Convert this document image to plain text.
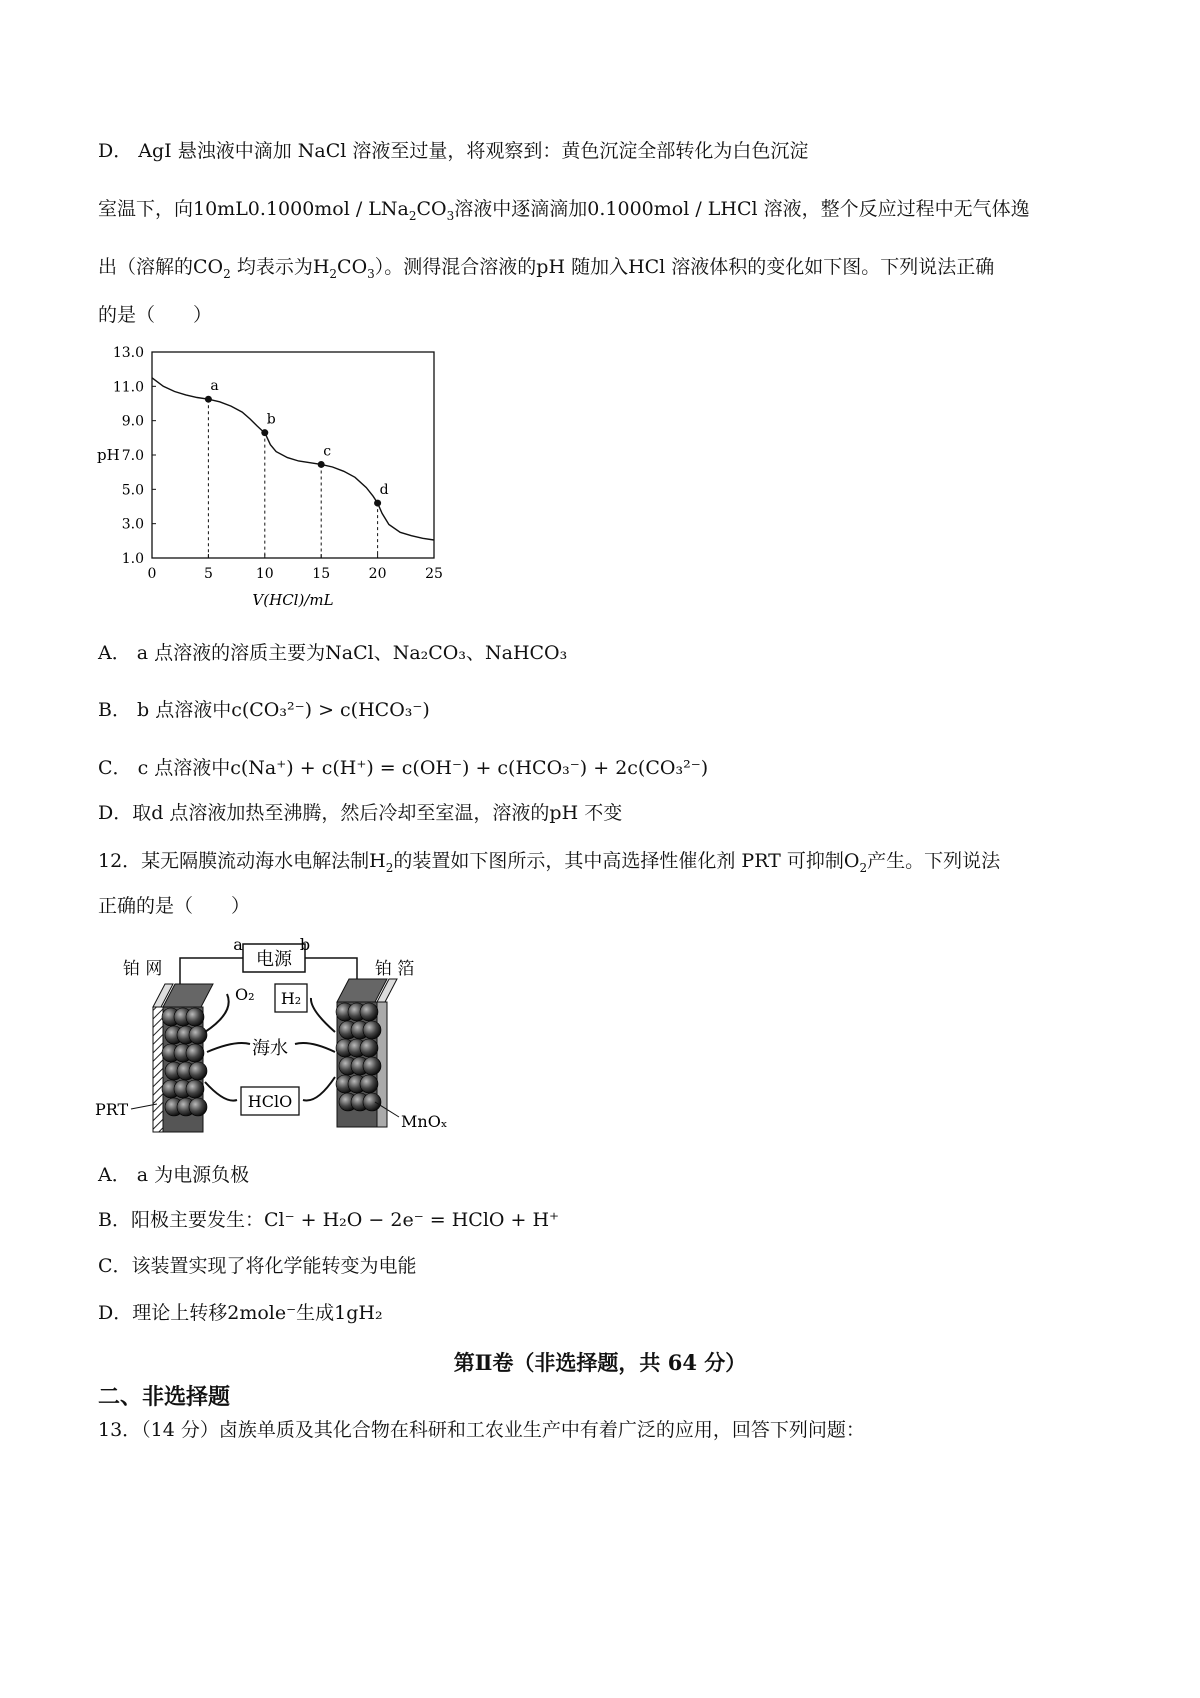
D． AgI 悬浊液中滴加 NaCl 溶液至过量，将观察到：黄色沉淀全部转化为白色沉淀
室温下，向$10mL0.1000mol / LNa_2CO_3$溶液中逐滴滴加0.1000mol / LHCl 溶液，整个反应过程中无气体逸
出（溶解的$CO_2$ 均表示为$H_2CO_3$）。测得混合溶液的pH 随加入HCl 溶液体积的变化如下图。下列说法正确
的是（　　）
0	5	10	15	20	25
1.0
3.0
5.0
7.0
9.0
11.0
13.0
pH
V(HCl)/mL
a
b
c
d
A． a 点溶液的溶质主要为NaCl、Na₂CO₃、NaHCO₃
B． b 点溶液中c(CO₃²⁻) > c(HCO₃⁻)
C． c 点溶液中c(Na⁺) + c(H⁺) = c(OH⁻) + c(HCO₃⁻) + 2c(CO₃²⁻)
D．取d 点溶液加热至沸腾，然后冷却至室温，溶液的pH 不变
12．某无隔膜流动海水电解法制$H_2$的装置如下图所示，其中高选择性催化剂 PRT 可抑制$O_2$产生。下列说法
正确的是（　　）
电源
a	b
铂 网	铂 箔
O₂ H₂
海水
HClO
PRT
MnOₓ
A． a 为电源负极
B．阳极主要发生：Cl⁻ + H₂O − 2e⁻ = HClO + H⁺
C．该装置实现了将化学能转变为电能
D．理论上转移2mole⁻生成1gH₂
第Ⅱ卷（非选择题，共 64 分）
二、非选择题
13．（14 分）卤族单质及其化合物在科研和工农业生产中有着广泛的应用，回答下列问题：
